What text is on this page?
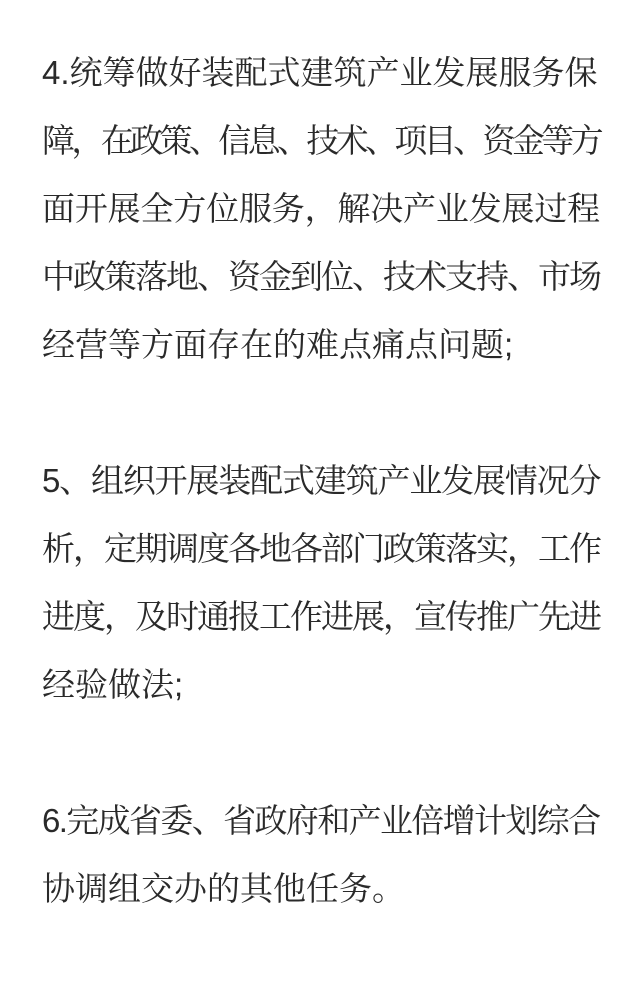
4.统筹做好装配式建筑产业发展服务保
障，在政策、信息、技术、项目、资金等方
面开展全方位服务，解决产业发展过程
中政策落地、资金到位、技术支持、市场
经营等方面存在的难点痛点问题;

5、组织开展装配式建筑产业发展情况分
析，定期调度各地各部门政策落实，工作
进度，及时通报工作进展，宣传推广先进
经验做法;

6.完成省委、省政府和产业倍增计划综合
协调组交办的其他任务。
